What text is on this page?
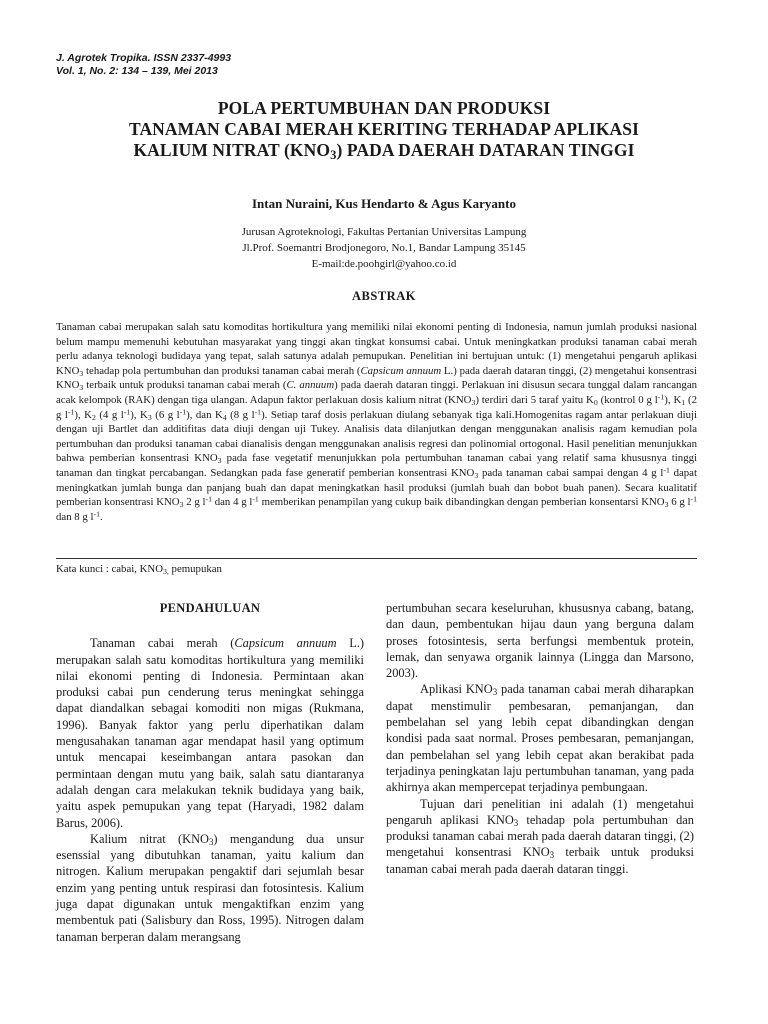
J. Agrotek Tropika. ISSN 2337-4993
Vol. 1, No. 2: 134 – 139, Mei 2013
POLA PERTUMBUHAN DAN PRODUKSI
TANAMAN CABAI MERAH KERITING TERHADAP APLIKASI
KALIUM NITRAT $(KNO_3)$ PADA DAERAH DATARAN TINGGI
Intan Nuraini, Kus Hendarto & Agus Karyanto
Jurusan Agroteknologi, Fakultas Pertanian Universitas Lampung
Jl.Prof. Soemantri Brodjonegoro, No.1, Bandar Lampung 35145
E-mail:de.poohgirl@yahoo.co.id
ABSTRAK
Tanaman cabai merupakan salah satu komoditas hortikultura yang memiliki nilai ekonomi penting di Indonesia, namun jumlah produksi nasional belum mampu memenuhi kebutuhan masyarakat yang tinggi akan tingkat konsumsi cabai. Untuk meningkatkan produksi tanaman cabai merah perlu adanya teknologi budidaya yang tepat, salah satunya adalah pemupukan. Penelitian ini bertujuan untuk: (1) mengetahui pengaruh aplikasi $KNO_3$ tehadap pola pertumbuhan dan produksi tanaman cabai merah (Capsicum annuum L.) pada daerah dataran tinggi, (2) mengetahui konsentrasi $KNO_3$ terbaik untuk produksi tanaman cabai merah (C. annuum) pada daerah dataran tinggi. Perlakuan ini disusun secara tunggal dalam rancangan acak kelompok (RAK) dengan tiga ulangan. Adapun faktor perlakuan dosis kalium nitrat $(KNO_3)$ terdiri dari 5 taraf yaitu $K_0$ (kontrol 0 g $l^{-1}$), $K_1$ (2 g $l^{-1}$), $K_2$ (4 g $l^{-1}$), $K_3$ (6 g $l^{-1}$), dan $K_4$ (8 g $l^{-1}$). Setiap taraf dosis perlakuan diulang sebanyak tiga kali.Homogenitas ragam antar perlakuan diuji dengan uji Bartlet dan additifitas data diuji dengan uji Tukey. Analisis data dilanjutkan dengan menggunakan analisis ragam kemudian pola pertumbuhan dan produksi tanaman cabai dianalisis dengan menggunakan analisis regresi dan polinomial ortogonal. Hasil penelitian menunjukkan bahwa pemberian konsentrasi $KNO_3$ pada fase vegetatif menunjukkan pola pertumbuhan tanaman cabai yang relatif sama khususnya tinggi tanaman dan tingkat percabangan. Sedangkan pada fase generatif pemberian konsentrasi $KNO_3$ pada tanaman cabai sampai dengan 4 g $l^{-1}$ dapat meningkatkan jumlah bunga dan panjang buah dan dapat meningkatkan hasil produksi (jumlah buah dan bobot buah panen). Secara kualitatif pemberian konsentrasi $KNO_3$ 2 g $l^{-1}$ dan 4 g $l^{-1}$ memberikan penampilan yang cukup baik dibandingkan dengan pemberian konsentarsi $KNO_3$ 6 g $l^{-1}$ dan 8 g $l^{-1}$.
Kata kunci : cabai, $KNO_{3,}$ pemupukan
PENDAHULUAN

Tanaman cabai merah (Capsicum annuum L.) merupakan salah satu komoditas hortikultura yang memiliki nilai ekonomi penting di Indonesia. Permintaan akan produksi cabai pun cenderung terus meningkat sehingga dapat diandalkan sebagai komoditi non migas (Rukmana, 1996). Banyak faktor yang perlu diperhatikan dalam mengusahakan tanaman agar mendapat hasil yang optimum untuk mencapai keseimbangan antara pasokan dan permintaan dengan mutu yang baik, salah satu diantaranya adalah dengan cara melakukan teknik budidaya yang baik, yaitu aspek pemupukan yang tepat (Haryadi, 1982 dalam Barus, 2006).

Kalium nitrat $(KNO_3)$ mengandung dua unsur esenssial yang dibutuhkan tanaman, yaitu kalium dan nitrogen. Kalium merupakan pengaktif dari sejumlah besar enzim yang penting untuk respirasi dan fotosintesis. Kalium juga dapat digunakan untuk mengaktifkan enzim yang membentuk pati (Salisbury dan Ross, 1995). Nitrogen dalam tanaman berperan dalam merangsang

pertumbuhan secara keseluruhan, khususnya cabang, batang, dan daun, pembentukan hijau daun yang berguna dalam proses fotosintesis, serta berfungsi membentuk protein, lemak, dan senyawa organik lainnya (Lingga dan Marsono, 2003).

Aplikasi $KNO_3$ pada tanaman cabai merah diharapkan dapat menstimulir pembesaran, pemanjangan, dan pembelahan sel yang lebih cepat dibandingkan dengan kondisi pada saat normal. Proses pembesaran, pemanjangan, dan pembelahan sel yang lebih cepat akan berakibat pada terjadinya peningkatan laju pertumbuhan tanaman, yang pada akhirnya akan mempercepat terjadinya pembungaan.

Tujuan dari penelitian ini adalah (1) mengetahui pengaruh aplikasi $KNO_3$ tehadap pola pertumbuhan dan produksi tanaman cabai merah pada daerah dataran tinggi, (2) mengetahui konsentrasi $KNO_3$ terbaik untuk produksi tanaman cabai merah pada daerah dataran tinggi.
